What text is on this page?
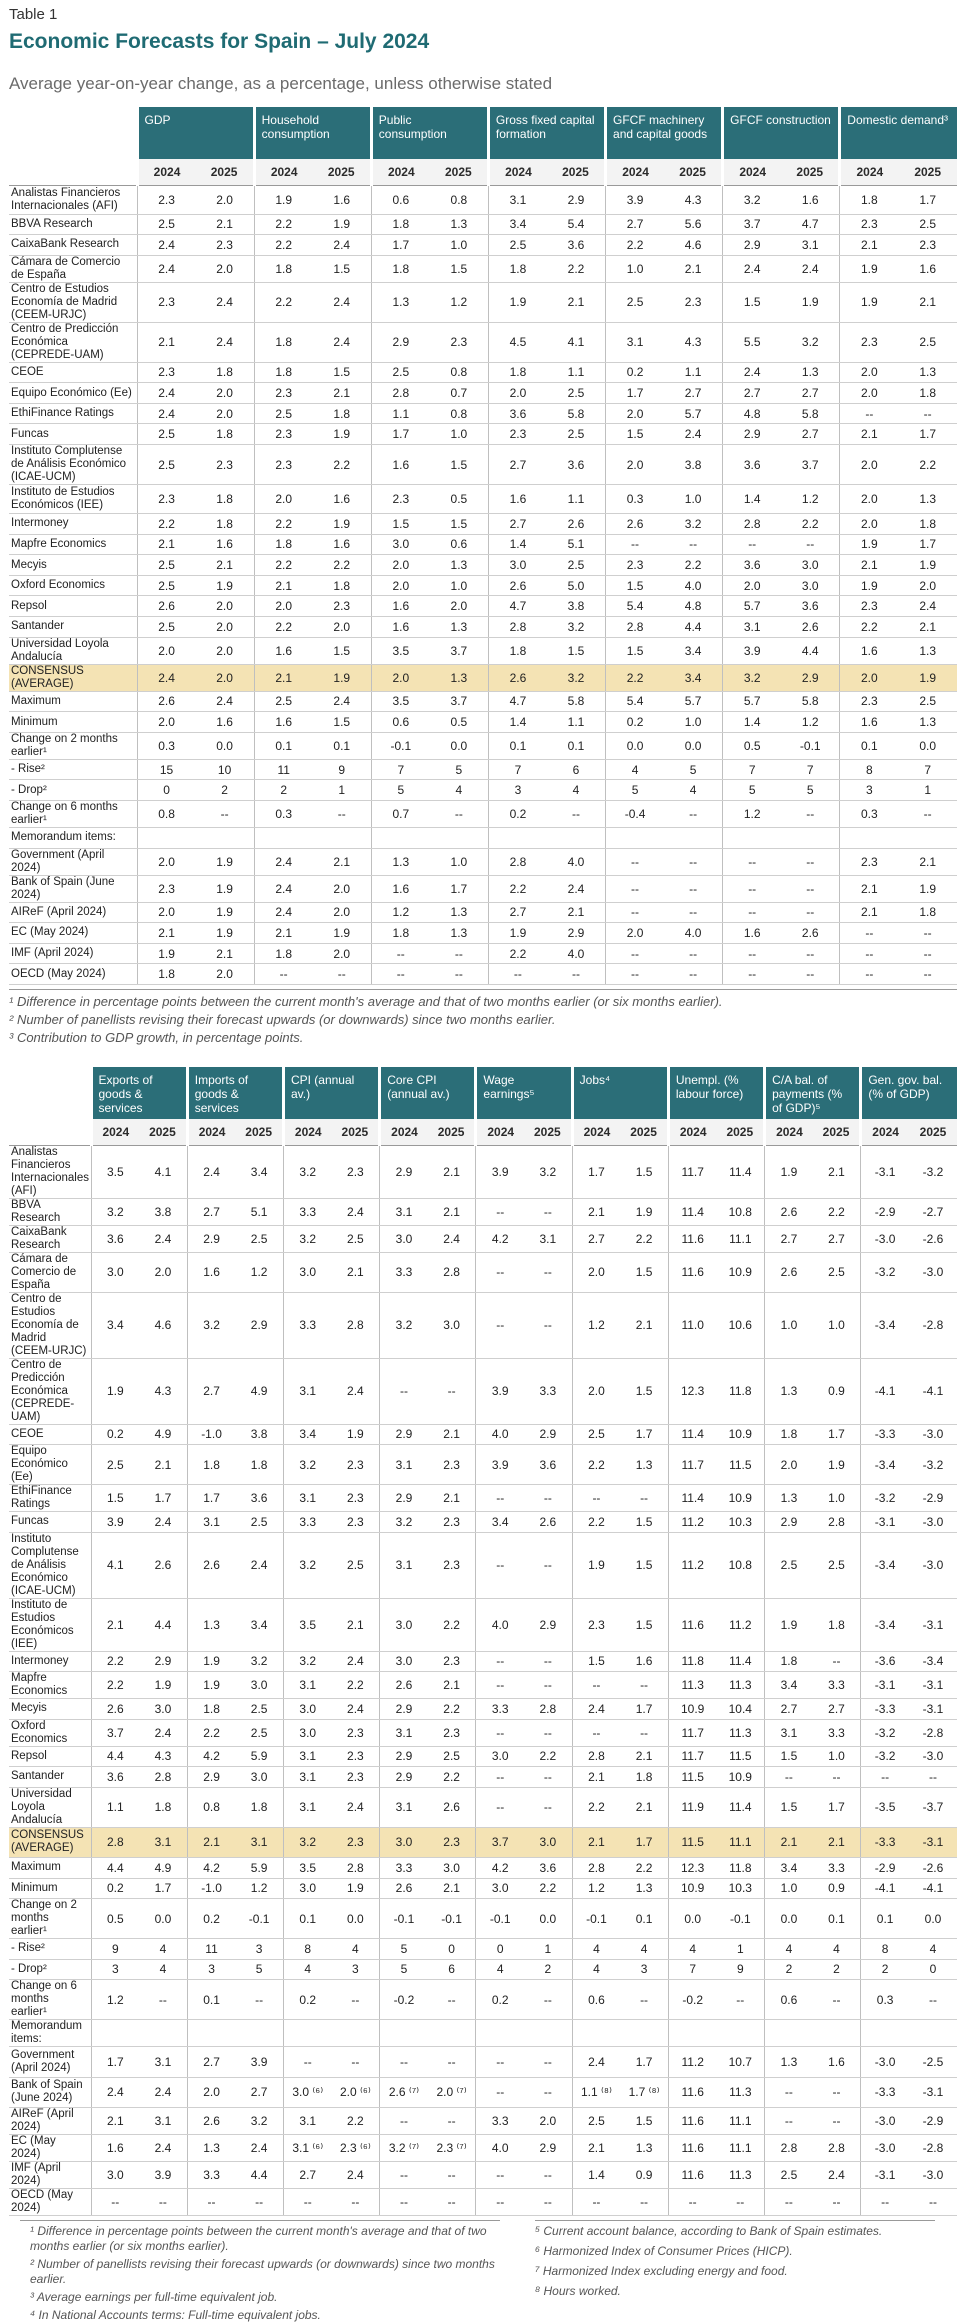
Table 1
Economic Forecasts for Spain – July 2024
Average year-on-year change, as a percentage, unless otherwise stated
	GDP		Household consumption		Public consumption		Gross fixed capital formation		GFCF machinery and capital goods		GFCF construction		Domestic demand³	
	2024	2025	2024	2025	2024	2025	2024	2025	2024	2025	2024	2025	2024	2025
Analistas Financieros Internacionales (AFI)	2.3	2.0	1.9	1.6	0.6	0.8	3.1	2.9	3.9	4.3	3.2	1.6	1.8	1.7
BBVA Research	2.5	2.1	2.2	1.9	1.8	1.3	3.4	5.4	2.7	5.6	3.7	4.7	2.3	2.5
CaixaBank Research	2.4	2.3	2.2	2.4	1.7	1.0	2.5	3.6	2.2	4.6	2.9	3.1	2.1	2.3
Cámara de Comercio de España	2.4	2.0	1.8	1.5	1.8	1.5	1.8	2.2	1.0	2.1	2.4	2.4	1.9	1.6
Centro de Estudios Economía de Madrid (CEEM-URJC)	2.3	2.4	2.2	2.4	1.3	1.2	1.9	2.1	2.5	2.3	1.5	1.9	1.9	2.1
Centro de Predicción Económica (CEPREDE-UAM)	2.1	2.4	1.8	2.4	2.9	2.3	4.5	4.1	3.1	4.3	5.5	3.2	2.3	2.5
CEOE	2.3	1.8	1.8	1.5	2.5	0.8	1.8	1.1	0.2	1.1	2.4	1.3	2.0	1.3
Equipo Económico (Ee)	2.4	2.0	2.3	2.1	2.8	0.7	2.0	2.5	1.7	2.7	2.7	2.7	2.0	1.8
EthiFinance Ratings	2.4	2.0	2.5	1.8	1.1	0.8	3.6	5.8	2.0	5.7	4.8	5.8	--	--
Funcas	2.5	1.8	2.3	1.9	1.7	1.0	2.3	2.5	1.5	2.4	2.9	2.7	2.1	1.7
Instituto Complutense de Análisis Económico (ICAE-UCM)	2.5	2.3	2.3	2.2	1.6	1.5	2.7	3.6	2.0	3.8	3.6	3.7	2.0	2.2
Instituto de Estudios Económicos (IEE)	2.3	1.8	2.0	1.6	2.3	0.5	1.6	1.1	0.3	1.0	1.4	1.2	2.0	1.3
Intermoney	2.2	1.8	2.2	1.9	1.5	1.5	2.7	2.6	2.6	3.2	2.8	2.2	2.0	1.8
Mapfre Economics	2.1	1.6	1.8	1.6	3.0	0.6	1.4	5.1	--	--	--	--	1.9	1.7
Mecyis	2.5	2.1	2.2	2.2	2.0	1.3	3.0	2.5	2.3	2.2	3.6	3.0	2.1	1.9
Oxford Economics	2.5	1.9	2.1	1.8	2.0	1.0	2.6	5.0	1.5	4.0	2.0	3.0	1.9	2.0
Repsol	2.6	2.0	2.0	2.3	1.6	2.0	4.7	3.8	5.4	4.8	5.7	3.6	2.3	2.4
Santander	2.5	2.0	2.2	2.0	1.6	1.3	2.8	3.2	2.8	4.4	3.1	2.6	2.2	2.1
Universidad Loyola Andalucía	2.0	2.0	1.6	1.5	3.5	3.7	1.8	1.5	1.5	3.4	3.9	4.4	1.6	1.3
CONSENSUS (AVERAGE)	2.4	2.0	2.1	1.9	2.0	1.3	2.6	3.2	2.2	3.4	3.2	2.9	2.0	1.9
Maximum	2.6	2.4	2.5	2.4	3.5	3.7	4.7	5.8	5.4	5.7	5.7	5.8	2.3	2.5
Minimum	2.0	1.6	1.6	1.5	0.6	0.5	1.4	1.1	0.2	1.0	1.4	1.2	1.6	1.3
Change on 2 months earlier¹	0.3	0.0	0.1	0.1	-0.1	0.0	0.1	0.1	0.0	0.0	0.5	-0.1	0.1	0.0
- Rise²	15	10	11	9	7	5	7	6	4	5	7	7	8	7
- Drop²	0	2	2	1	5	4	3	4	5	4	5	5	3	1
Change on 6 months earlier¹	0.8	--	0.3	--	0.7	--	0.2	--	-0.4	--	1.2	--	0.3	--
Memorandum items:														
Government (April 2024)	2.0	1.9	2.4	2.1	1.3	1.0	2.8	4.0	--	--	--	--	2.3	2.1
Bank of Spain (June 2024)	2.3	1.9	2.4	2.0	1.6	1.7	2.2	2.4	--	--	--	--	2.1	1.9
AIReF (April 2024)	2.0	1.9	2.4	2.0	1.2	1.3	2.7	2.1	--	--	--	--	2.1	1.8
EC (May 2024)	2.1	1.9	2.1	1.9	1.8	1.3	1.9	2.9	2.0	4.0	1.6	2.6	--	--
IMF (April 2024)	1.9	2.1	1.8	2.0	--	--	2.2	4.0	--	--	--	--	--	--
OECD (May 2024)	1.8	2.0	--	--	--	--	--	--	--	--	--	--	--	--
¹ Difference in percentage points between the current month's average and that of two months earlier (or six months earlier).
² Number of panellists revising their forecast upwards (or downwards) since two months earlier.
³ Contribution to GDP growth, in percentage points.
	Exports of goods & services		Imports of goods & services		CPI (annual av.)		Core CPI (annual av.)		Wage earnings⁵		Jobs⁴		Unempl. (% labour force)		C/A bal. of payments (% of GDP)⁵		Gen. gov. bal. (% of GDP)	
	2024	2025	2024	2025	2024	2025	2024	2025	2024	2025	2024	2025	2024	2025	2024	2025	2024	2025
Analistas Financieros Internacionales (AFI)	3.5	4.1	2.4	3.4	3.2	2.3	2.9	2.1	3.9	3.2	1.7	1.5	11.7	11.4	1.9	2.1	-3.1	-3.2
BBVA Research	3.2	3.8	2.7	5.1	3.3	2.4	3.1	2.1	--	--	2.1	1.9	11.4	10.8	2.6	2.2	-2.9	-2.7
CaixaBank Research	3.6	2.4	2.9	2.5	3.2	2.5	3.0	2.4	4.2	3.1	2.7	2.2	11.6	11.1	2.7	2.7	-3.0	-2.6
Cámara de Comercio de España	3.0	2.0	1.6	1.2	3.0	2.1	3.3	2.8	--	--	2.0	1.5	11.6	10.9	2.6	2.5	-3.2	-3.0
Centro de Estudios Economía de Madrid (CEEM-URJC)	3.4	4.6	3.2	2.9	3.3	2.8	3.2	3.0	--	--	1.2	2.1	11.0	10.6	1.0	1.0	-3.4	-2.8
Centro de Predicción Económica (CEPREDE-UAM)	1.9	4.3	2.7	4.9	3.1	2.4	--	--	3.9	3.3	2.0	1.5	12.3	11.8	1.3	0.9	-4.1	-4.1
CEOE	0.2	4.9	-1.0	3.8	3.4	1.9	2.9	2.1	4.0	2.9	2.5	1.7	11.4	10.9	1.8	1.7	-3.3	-3.0
Equipo Económico (Ee)	2.5	2.1	1.8	1.8	3.2	2.3	3.1	2.3	3.9	3.6	2.2	1.3	11.7	11.5	2.0	1.9	-3.4	-3.2
EthiFinance Ratings	1.5	1.7	1.7	3.6	3.1	2.3	2.9	2.1	--	--	--	--	11.4	10.9	1.3	1.0	-3.2	-2.9
Funcas	3.9	2.4	3.1	2.5	3.3	2.3	3.2	2.3	3.4	2.6	2.2	1.5	11.2	10.3	2.9	2.8	-3.1	-3.0
Instituto Complutense de Análisis Económico (ICAE-UCM)	4.1	2.6	2.6	2.4	3.2	2.5	3.1	2.3	--	--	1.9	1.5	11.2	10.8	2.5	2.5	-3.4	-3.0
Instituto de Estudios Económicos (IEE)	2.1	4.4	1.3	3.4	3.5	2.1	3.0	2.2	4.0	2.9	2.3	1.5	11.6	11.2	1.9	1.8	-3.4	-3.1
Intermoney	2.2	2.9	1.9	3.2	3.2	2.4	3.0	2.3	--	--	1.5	1.6	11.8	11.4	1.8	--	-3.6	-3.4
Mapfre Economics	2.2	1.9	1.9	3.0	3.1	2.2	2.6	2.1	--	--	--	--	11.3	11.3	3.4	3.3	-3.1	-3.1
Mecyis	2.6	3.0	1.8	2.5	3.0	2.4	2.9	2.2	3.3	2.8	2.4	1.7	10.9	10.4	2.7	2.7	-3.3	-3.1
Oxford Economics	3.7	2.4	2.2	2.5	3.0	2.3	3.1	2.3	--	--	--	--	11.7	11.3	3.1	3.3	-3.2	-2.8
Repsol	4.4	4.3	4.2	5.9	3.1	2.3	2.9	2.5	3.0	2.2	2.8	2.1	11.7	11.5	1.5	1.0	-3.2	-3.0
Santander	3.6	2.8	2.9	3.0	3.1	2.3	2.9	2.2	--	--	2.1	1.8	11.5	10.9	--	--	--	--
Universidad Loyola Andalucía	1.1	1.8	0.8	1.8	3.1	2.4	3.1	2.6	--	--	2.2	2.1	11.9	11.4	1.5	1.7	-3.5	-3.7
CONSENSUS (AVERAGE)	2.8	3.1	2.1	3.1	3.2	2.3	3.0	2.3	3.7	3.0	2.1	1.7	11.5	11.1	2.1	2.1	-3.3	-3.1
Maximum	4.4	4.9	4.2	5.9	3.5	2.8	3.3	3.0	4.2	3.6	2.8	2.2	12.3	11.8	3.4	3.3	-2.9	-2.6
Minimum	0.2	1.7	-1.0	1.2	3.0	1.9	2.6	2.1	3.0	2.2	1.2	1.3	10.9	10.3	1.0	0.9	-4.1	-4.1
Change on 2 months earlier¹	0.5	0.0	0.2	-0.1	0.1	0.0	-0.1	-0.1	-0.1	0.0	-0.1	0.1	0.0	-0.1	0.0	0.1	0.1	0.0
- Rise²	9	4	11	3	8	4	5	0	0	1	4	4	4	1	4	4	8	4
- Drop²	3	4	3	5	4	3	5	6	4	2	4	3	7	9	2	2	2	0
Change on 6 months earlier¹	1.2	--	0.1	--	0.2	--	-0.2	--	0.2	--	0.6	--	-0.2	--	0.6	--	0.3	--
Memorandum items:																		
Government (April 2024)	1.7	3.1	2.7	3.9	--	--	--	--	--	--	2.4	1.7	11.2	10.7	1.3	1.6	-3.0	-2.5
Bank of Spain (June 2024)	2.4	2.4	2.0	2.7	3.0 ⁽⁶⁾	2.0 ⁽⁶⁾	2.6 ⁽⁷⁾	2.0 ⁽⁷⁾	--	--	1.1 ⁽⁸⁾	1.7 ⁽⁸⁾	11.6	11.3	--	--	-3.3	-3.1
AIReF (April 2024)	2.1	3.1	2.6	3.2	3.1	2.2	--	--	3.3	2.0	2.5	1.5	11.6	11.1	--	--	-3.0	-2.9
EC (May 2024)	1.6	2.4	1.3	2.4	3.1 ⁽⁶⁾	2.3 ⁽⁶⁾	3.2 ⁽⁷⁾	2.3 ⁽⁷⁾	4.0	2.9	2.1	1.3	11.6	11.1	2.8	2.8	-3.0	-2.8
IMF (April 2024)	3.0	3.9	3.3	4.4	2.7	2.4	--	--	--	--	1.4	0.9	11.6	11.3	2.5	2.4	-3.1	-3.0
OECD (May 2024)	--	--	--	--	--	--	--	--	--	--	--	--	--	--	--	--	--	--
¹ Difference in percentage points between the current month's average and that of two months earlier (or six months earlier).
² Number of panellists revising their forecast upwards (or downwards) since two months earlier.
³ Average earnings per full-time equivalent job.
⁴ In National Accounts terms: Full-time equivalent jobs.
⁵ Current account balance, according to Bank of Spain estimates.
⁶ Harmonized Index of Consumer Prices (HICP).
⁷ Harmonized Index excluding energy and food.
⁸ Hours worked.
